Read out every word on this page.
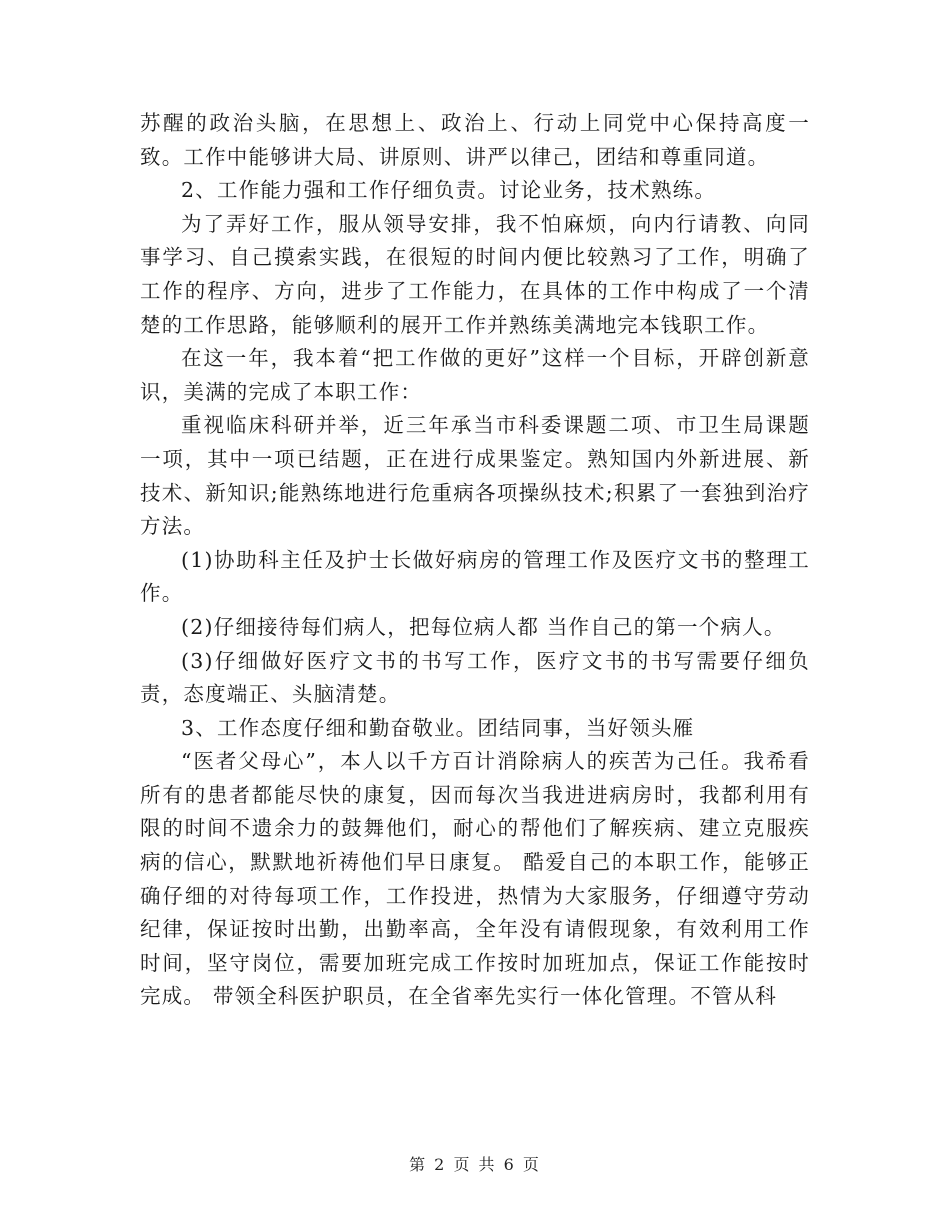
苏醒的政治头脑，在思想上、政治上、行动上同党中心保持高度一致。工作中能够讲大局、讲原则、讲严以律己，团结和尊重同道。

2、工作能力强和工作仔细负责。讨论业务，技术熟练。

为了弄好工作，服从领导安排，我不怕麻烦，向内行请教、向同事学习、自己摸索实践，在很短的时间内便比较熟习了工作，明确了工作的程序、方向，进步了工作能力，在具体的工作中构成了一个清楚的工作思路，能够顺利的展开工作并熟练美满地完本钱职工作。

在这一年，我本着“把工作做的更好”这样一个目标，开辟创新意识，美满的完成了本职工作：

重视临床科研并举，近三年承当市科委课题二项、市卫生局课题一项，其中一项已结题，正在进行成果鉴定。熟知国内外新进展、新技术、新知识;能熟练地进行危重病各项操纵技术;积累了一套独到治疗方法。

(1)协助科主任及护士长做好病房的管理工作及医疗文书的整理工作。

(2)仔细接待每们病人，把每位病人都 当作自己的第一个病人。

(3)仔细做好医疗文书的书写工作，医疗文书的书写需要仔细负责，态度端正、头脑清楚。

3、工作态度仔细和勤奋敬业。团结同事，当好领头雁

“医者父母心”，本人以千方百计消除病人的疾苦为己任。我希看所有的患者都能尽快的康复，因而每次当我进进病房时，我都利用有限的时间不遗余力的鼓舞他们，耐心的帮他们了解疾病、建立克服疾病的信心，默默地祈祷他们早日康复。 酷爱自己的本职工作，能够正确仔细的对待每项工作，工作投进，热情为大家服务，仔细遵守劳动纪律，保证按时出勤，出勤率高，全年没有请假现象，有效利用工作时间，坚守岗位，需要加班完成工作按时加班加点，保证工作能按时完成。 带领全科医护职员，在全省率先实行一体化管理。不管从科

第 2 页 共 6 页
